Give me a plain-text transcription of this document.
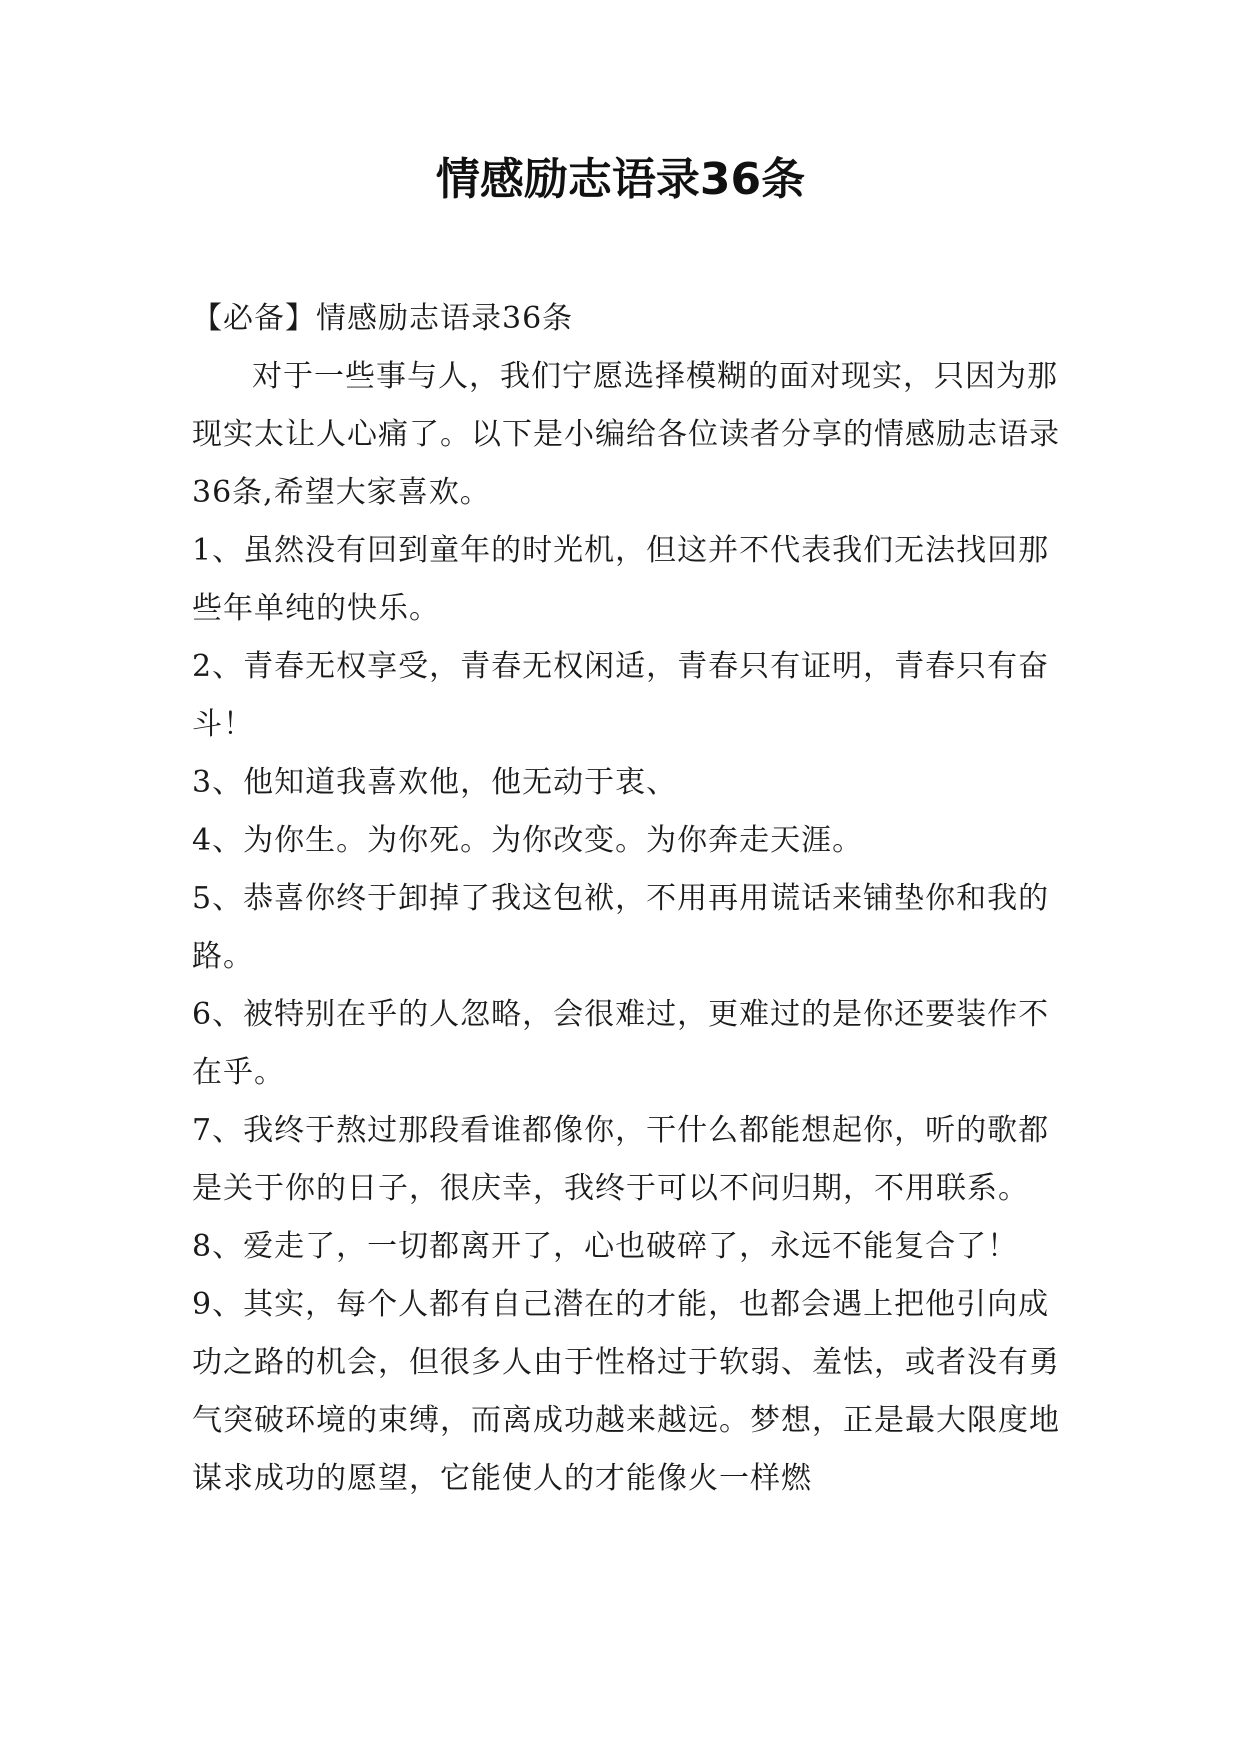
情感励志语录36条

【必备】情感励志语录36条

对于一些事与人，我们宁愿选择模糊的面对现实，只因为那现实太让人心痛了。以下是小编给各位读者分享的情感励志语录36条,希望大家喜欢。

1、虽然没有回到童年的时光机，但这并不代表我们无法找回那些年单纯的快乐。

2、青春无权享受，青春无权闲适，青春只有证明，青春只有奋斗！

3、他知道我喜欢他，他无动于衷、

4、为你生。为你死。为你改变。为你奔走天涯。

5、恭喜你终于卸掉了我这包袱，不用再用谎话来铺垫你和我的路。

6、被特别在乎的人忽略，会很难过，更难过的是你还要装作不在乎。

7、我终于熬过那段看谁都像你，干什么都能想起你，听的歌都是关于你的日子，很庆幸，我终于可以不问归期，不用联系。

8、爱走了，一切都离开了，心也破碎了，永远不能复合了！

9、其实，每个人都有自己潜在的才能，也都会遇上把他引向成功之路的机会，但很多人由于性格过于软弱、羞怯，或者没有勇气突破环境的束缚，而离成功越来越远。梦想，正是最大限度地谋求成功的愿望，它能使人的才能像火一样燃
